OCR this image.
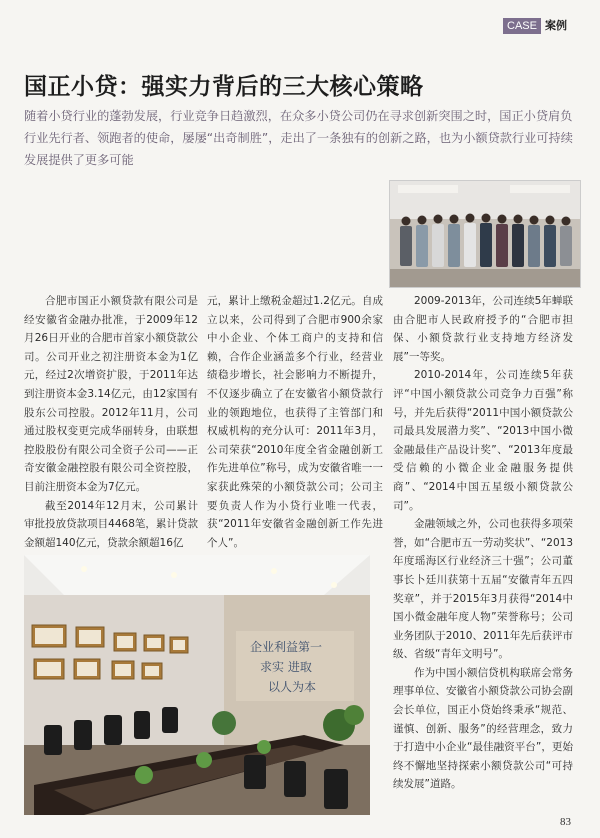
CASE 案例
国正小贷：强实力背后的三大核心策略
随着小贷行业的蓬勃发展，行业竞争日趋激烈，在众多小贷公司仍在寻求创新突围之时，国正小贷肩负行业先行者、领跑者的使命，屡屡“出奇制胜”，走出了一条独有的创新之路，也为小额贷款行业可持续发展提供了更多可能

合肥市国正小额贷款有限公司是经安徽省金融办批准，于2009年12月26日开业的合肥市首家小额贷款公司。公司开业之初注册资本金为1亿元，经过2次增资扩股，于2011年达到注册资本金3.14亿元，由12家国有股东公司控股。2012年11月，公司通过股权变更完成华丽转身，由联想控股股份有限公司全资子公司——正奇安徽金融控股有限公司全资控股，目前注册资本金为7亿元。

截至2014年12月末，公司累计审批投放贷款项目4468笔，累计贷款金额超140亿元，贷款余额超16亿

元，累计上缴税金超过1.2亿元。自成立以来，公司得到了合肥市900余家中小企业、个体工商户的支持和信赖，合作企业涵盖多个行业，经营业绩稳步增长，社会影响力不断提升，不仅逐步确立了在安徽省小额贷款行业的领跑地位，也获得了主管部门和权威机构的充分认可：2011年3月，公司荣获“2010年度全省金融创新工作先进单位”称号，成为安徽省唯一一家获此殊荣的小额贷款公司；公司主要负责人作为小贷行业唯一代表，获“2011年安徽省金融创新工作先进个人”。

2009-2013年，公司连续5年蝉联由合肥市人民政府授予的“合肥市担保、小额贷款行业支持地方经济发展”一等奖。

2010-2014年，公司连续5年获评“中国小额贷款公司竞争力百强”称号，并先后获得“2011中国小额贷款公司最具发展潜力奖”、“2013中国小微金融最佳产品设计奖”、“2013年度最受信赖的小微企业金融服务提供商”、“2014中国五星级小额贷款公司”。

金融领域之外，公司也获得多项荣誉，如“合肥市五一劳动奖状”、“2013年度瑶海区行业经济三十强”；公司董事长卜廷川获第十五届“安徽青年五四奖章”，并于2015年3月获得“2014中国小微金融年度人物”荣誉称号；公司业务团队于2010、2011年先后获评市级、省级“青年文明号”。

作为中国小额信贷机构联席会常务理事单位、安徽省小额贷款公司协会副会长单位，国正小贷始终秉承“规范、谨慎、创新、服务”的经营理念，致力于打造中小企业“最佳融资平台”，更始终不懈地坚持探索小额贷款公司“可持续发展”道路。

企业利益第一
求实 进取
以人为本
83
